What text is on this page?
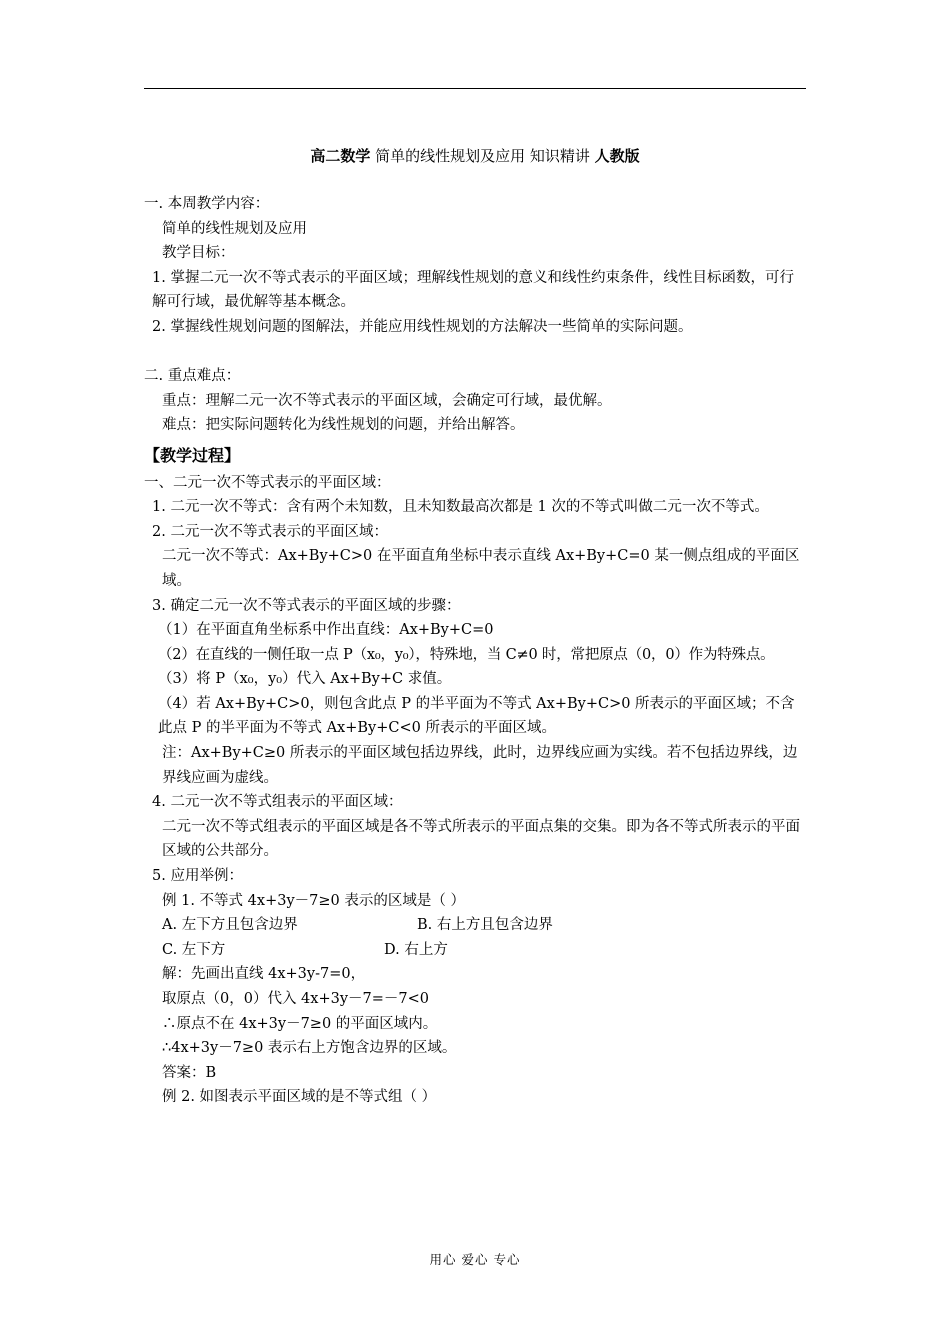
高二数学 简单的线性规划及应用 知识精讲 人教版

一. 本周教学内容：

简单的线性规划及应用

教学目标：

1. 掌握二元一次不等式表示的平面区域；理解线性规划的意义和线性约束条件，线性目标函数，可行解可行域，最优解等基本概念。

2. 掌握线性规划问题的图解法，并能应用线性规划的方法解决一些简单的实际问题。

二. 重点难点：

重点：理解二元一次不等式表示的平面区域，会确定可行域，最优解。

难点：把实际问题转化为线性规划的问题，并给出解答。

【教学过程】

一、二元一次不等式表示的平面区域：

1. 二元一次不等式：含有两个未知数，且未知数最高次都是 1 次的不等式叫做二元一次不等式。

2. 二元一次不等式表示的平面区域：

二元一次不等式：Ax+By+C>0 在平面直角坐标中表示直线 Ax+By+C=0 某一侧点组成的平面区域。

3. 确定二元一次不等式表示的平面区域的步骤：

（1）在平面直角坐标系中作出直线：Ax+By+C=0

（2）在直线的一侧任取一点 P（x₀，y₀），特殊地，当 C≠0 时，常把原点（0，0）作为特殊点。

（3）将 P（x₀，y₀）代入 Ax+By+C 求值。

（4）若 Ax+By+C>0，则包含此点 P 的半平面为不等式 Ax+By+C>0 所表示的平面区域；不含此点 P 的半平面为不等式 Ax+By+C<0 所表示的平面区域。

注：Ax+By+C≥0 所表示的平面区域包括边界线，此时，边界线应画为实线。若不包括边界线，边界线应画为虚线。

4. 二元一次不等式组表示的平面区域：

二元一次不等式组表示的平面区域是各不等式所表示的平面点集的交集。即为各不等式所表示的平面区域的公共部分。

5. 应用举例：

例 1. 不等式 4x+3y－7≥0 表示的区域是（ ）

A. 左下方且包含边界	B. 右上方且包含边界

C. 左下方	D. 右上方

解：先画出直线 4x+3y-7=0，

取原点（0，0）代入 4x+3y－7=－7<0

∴原点不在 4x+3y－7≥0 的平面区域内。

∴4x+3y－7≥0 表示右上方饱含边界的区域。

答案：B

例 2. 如图表示平面区域的是不等式组（ ）

用心 爱心 专心
